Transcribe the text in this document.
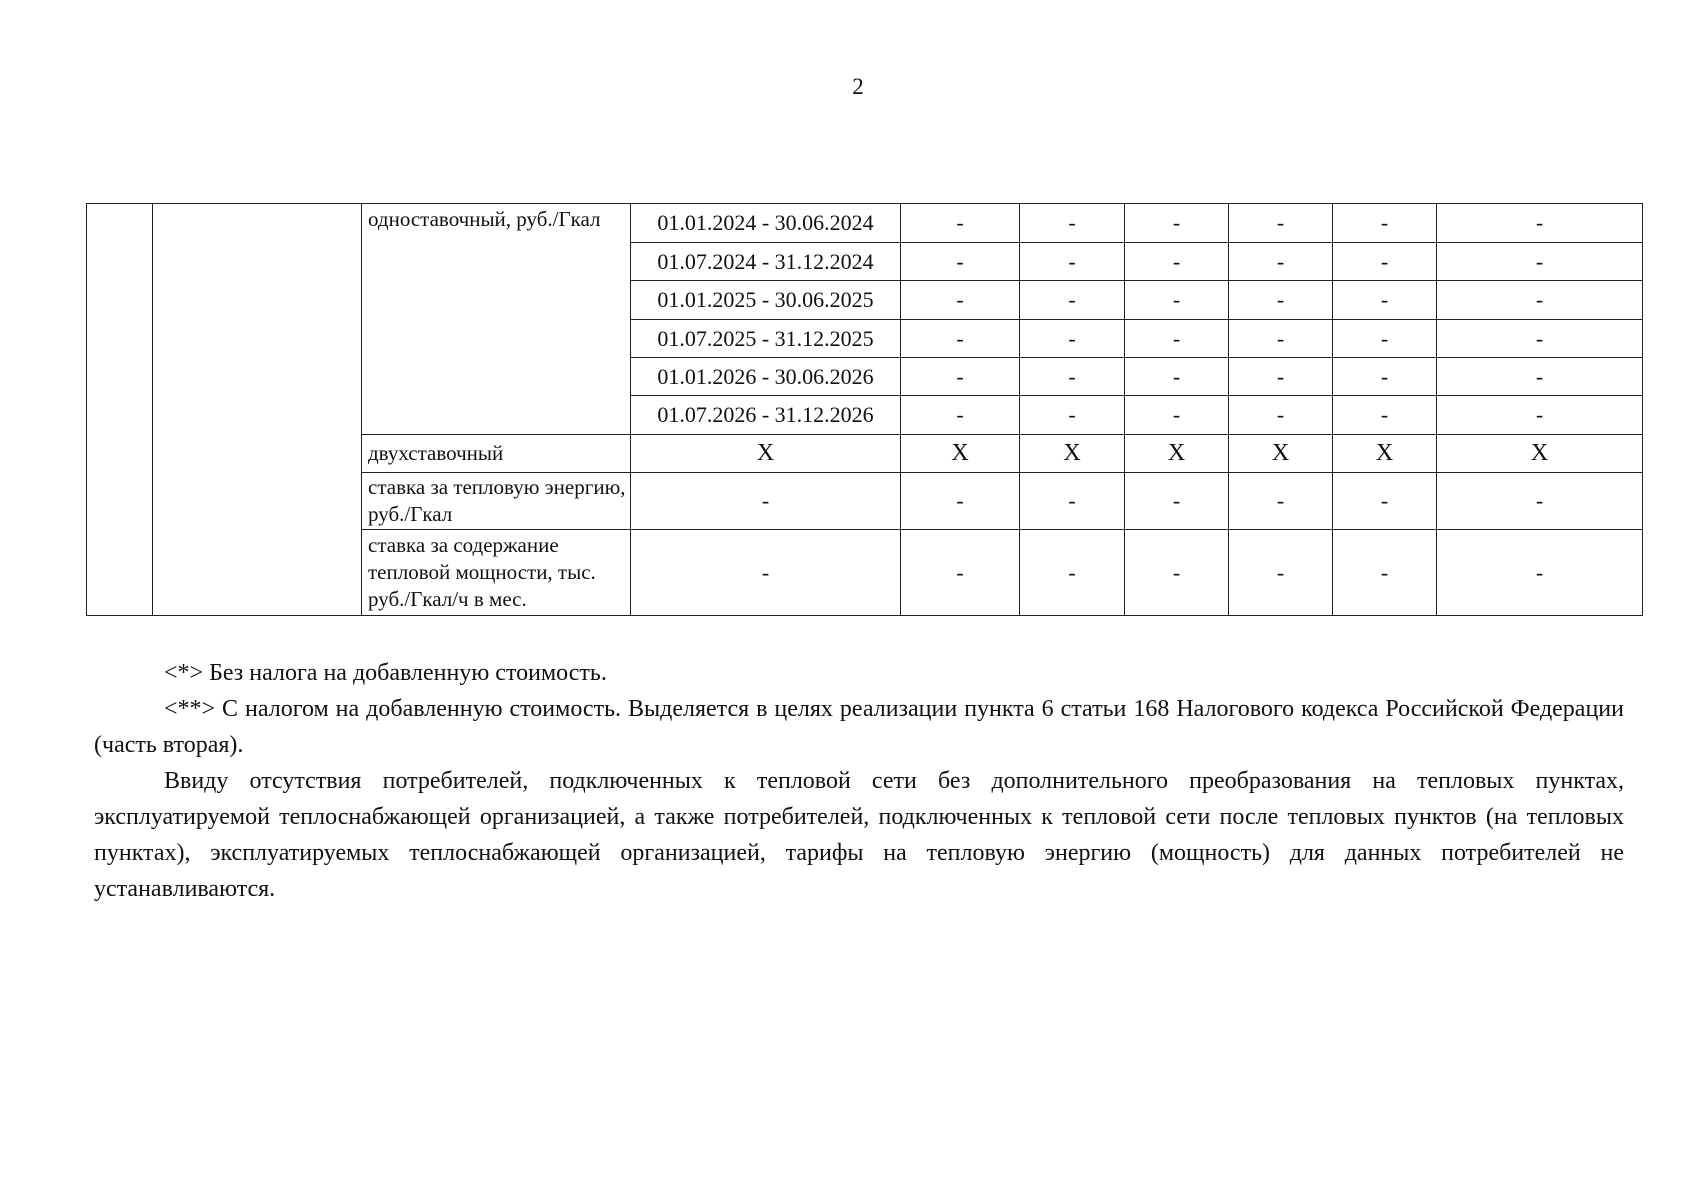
2
		одноставочный, руб./Гкал	01.01.2024 - 30.06.2024	-	-	-	-	-	-
			01.07.2024 - 31.12.2024	-	-	-	-	-	-
			01.01.2025 - 30.06.2025	-	-	-	-	-	-
			01.07.2025 - 31.12.2025	-	-	-	-	-	-
			01.01.2026 - 30.06.2026	-	-	-	-	-	-
			01.07.2026 - 31.12.2026	-	-	-	-	-	-
		двухставочный	X	X	X	X	X	X	X
		ставка за тепловую энергию, руб./Гкал	-	-	-	-	-	-	-
		ставка за содержание тепловой мощности, тыс. руб./Гкал/ч в мес.	-	-	-	-	-	-	-

<*> Без налога на добавленную стоимость.

<**> С налогом на добавленную стоимость. Выделяется в целях реализации пункта 6 статьи 168 Налогового кодекса Российской Федерации (часть вторая).

Ввиду отсутствия потребителей, подключенных к тепловой сети без дополнительного преобразования на тепловых пунктах, эксплуатируемой теплоснабжающей организацией, а также потребителей, подключенных к тепловой сети после тепловых пунктов (на тепловых пунктах), эксплуатируемых теплоснабжающей организацией, тарифы на тепловую энергию (мощность) для данных потребителей не устанавливаются.
